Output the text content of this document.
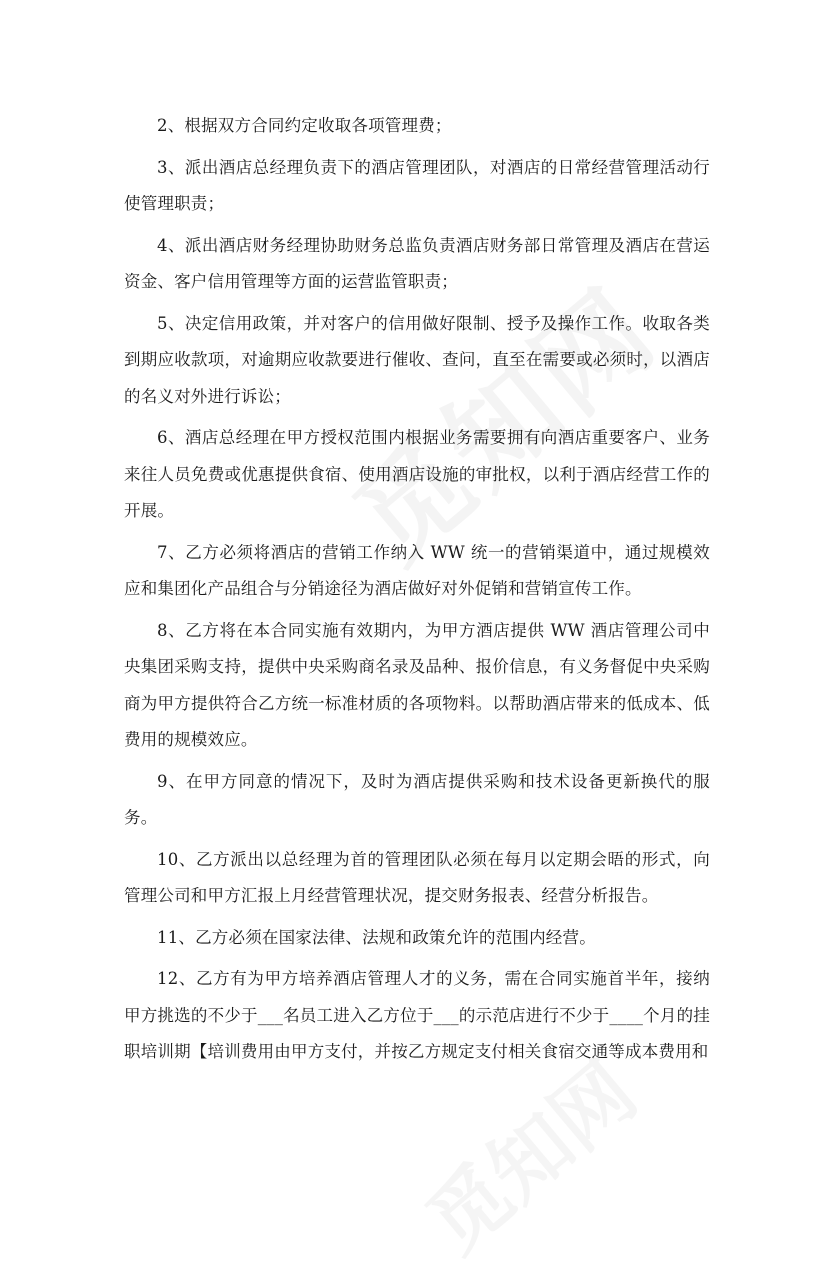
2、根据双方合同约定收取各项管理费；

3、派出酒店总经理负责下的酒店管理团队，对酒店的日常经营管理活动行使管理职责；

4、派出酒店财务经理协助财务总监负责酒店财务部日常管理及酒店在营运资金、客户信用管理等方面的运营监管职责；

5、决定信用政策，并对客户的信用做好限制、授予及操作工作。收取各类到期应收款项，对逾期应收款要进行催收、查问，直至在需要或必须时，以酒店的名义对外进行诉讼；

6、酒店总经理在甲方授权范围内根据业务需要拥有向酒店重要客户、业务来往人员免费或优惠提供食宿、使用酒店设施的审批权，以利于酒店经营工作的开展。

7、乙方必须将酒店的营销工作纳入 WW 统一的营销渠道中，通过规模效应和集团化产品组合与分销途径为酒店做好对外促销和营销宣传工作。

8、乙方将在本合同实施有效期内，为甲方酒店提供 WW 酒店管理公司中央集团采购支持，提供中央采购商名录及品种、报价信息，有义务督促中央采购商为甲方提供符合乙方统一标准材质的各项物料。以帮助酒店带来的低成本、低费用的规模效应。

9、在甲方同意的情况下，及时为酒店提供采购和技术设备更新换代的服务。

10、乙方派出以总经理为首的管理团队必须在每月以定期会晤的形式，向管理公司和甲方汇报上月经营管理状况，提交财务报表、经营分析报告。

11、乙方必须在国家法律、法规和政策允许的范围内经营。

12、乙方有为甲方培养酒店管理人才的义务，需在合同实施首半年，接纳甲方挑选的不少于___名员工进入乙方位于___的示范店进行不少于____个月的挂职培训期【培训费用由甲方支付，并按乙方规定支付相关食宿交通等成本费用和
